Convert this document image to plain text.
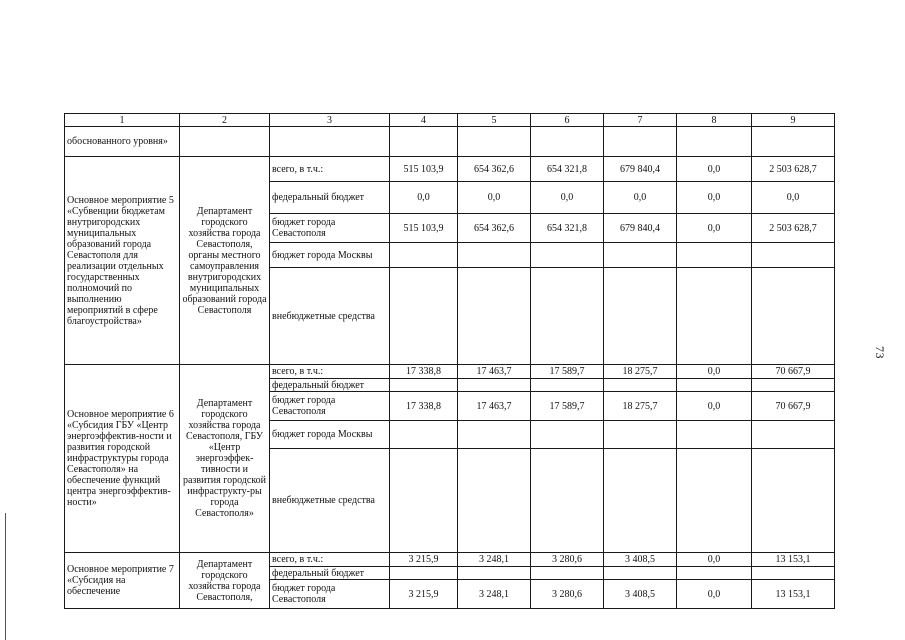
1	2	3	4	5	6	7	8	9
обоснованного уровня»								
Основное мероприятие 5 «Субвенции бюджетам внутригородских муниципальных образований города Севастополя для реализации отдельных государственных полномочий по выполнению мероприятий в сфере благоустройства»	Департамент городского хозяйства города Севастополя, органы местного самоуправления внутригородских муниципальных образований города Севастополя	всего, в т.ч.:	515 103,9	654 362,6	654 321,8	679 840,4	0,0	2 503 628,7
		федеральный бюджет	0,0	0,0	0,0	0,0	0,0	0,0
		бюджет города Севастополя	515 103,9	654 362,6	654 321,8	679 840,4	0,0	2 503 628,7
		бюджет города Москвы						
		внебюджетные средства						
Основное мероприятие 6 «Субсидия ГБУ «Центр энергоэффектив-ности и развития городской инфраструктуры города Севастополя» на обеспечение функций центра энергоэффектив-ности»	Департамент городского хозяйства города Севастополя, ГБУ «Центр энергоэффек-тивности и развития городской инфраструкту-ры города Севастополя»	всего, в т.ч.:	17 338,8	17 463,7	17 589,7	18 275,7	0,0	70 667,9
		федеральный бюджет						
		бюджет города Севастополя	17 338,8	17 463,7	17 589,7	18 275,7	0,0	70 667,9
		бюджет города Москвы						
		внебюджетные средства						
Основное мероприятие 7 «Субсидия на обеспечение	Департамент городского хозяйства города Севастополя,	всего, в т.ч.:	3 215,9	3 248,1	3 280,6	3 408,5	0,0	13 153,1
		федеральный бюджет						
		бюджет города Севастополя	3 215,9	3 248,1	3 280,6	3 408,5	0,0	13 153,1
73
